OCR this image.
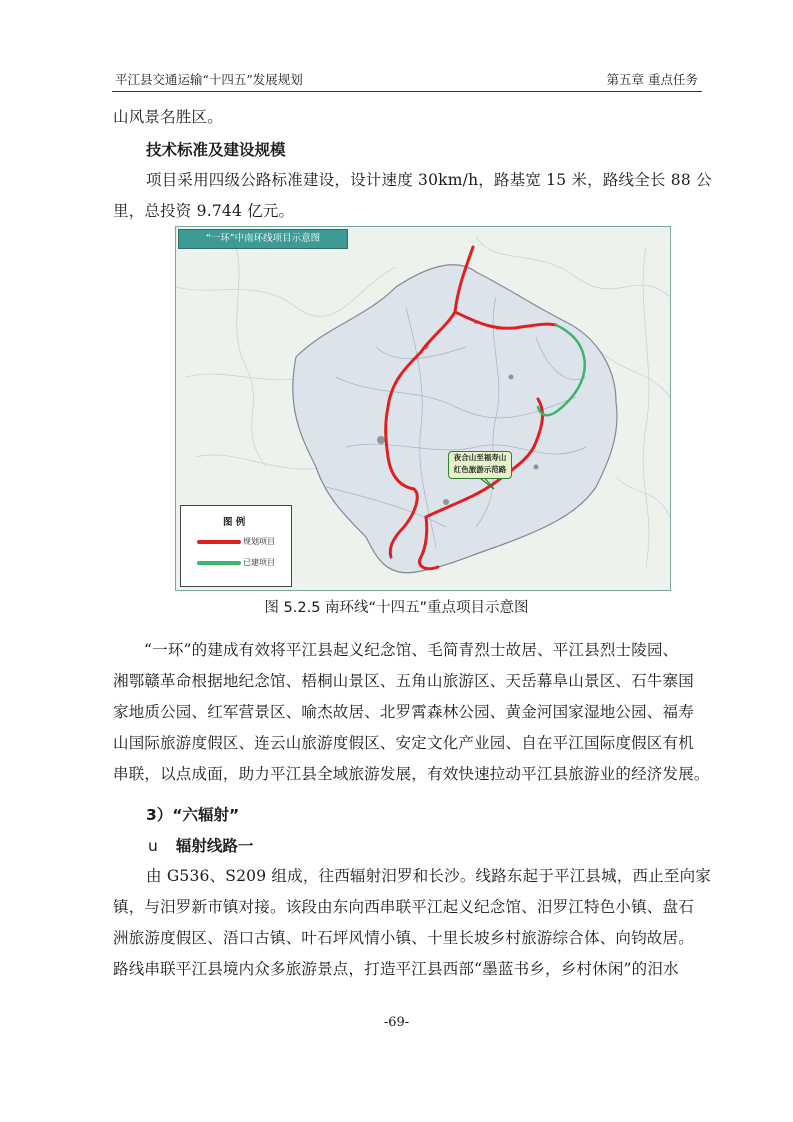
平江县交通运输“十四五”发展规划	第五章 重点任务
山风景名胜区。
技术标准及建设规模
项目采用四级公路标准建设，设计速度 30km/h，路基宽 15 米，路线全长 88 公
里，总投资 9.744 亿元。
“一环”中南环线项目示意图
夜合山至福寿山
红色旅游示范路
图 例
规划项目
已建项目
图 5.2.5 南环线“十四五”重点项目示意图
“一环”的建成有效将平江县起义纪念馆、毛简青烈士故居、平江县烈士陵园、
湘鄂赣革命根据地纪念馆、梧桐山景区、五角山旅游区、天岳幕阜山景区、石牛寨国
家地质公园、红军营景区、喻杰故居、北罗霄森林公园、黄金河国家湿地公园、福寿
山国际旅游度假区、连云山旅游度假区、安定文化产业园、自在平江国际度假区有机
串联，以点成面，助力平江县全域旅游发展，有效快速拉动平江县旅游业的经济发展。
3）“六辐射”
u 辐射线路一
由 G536、S209 组成，往西辐射汨罗和长沙。线路东起于平江县城，西止至向家
镇，与汨罗新市镇对接。该段由东向西串联平江起义纪念馆、汨罗江特色小镇、盘石
洲旅游度假区、浯口古镇、叶石坪风情小镇、十里长坡乡村旅游综合体、向钧故居。
路线串联平江县境内众多旅游景点，打造平江县西部“墨蓝书乡，乡村休闲”的汨水
-69-
